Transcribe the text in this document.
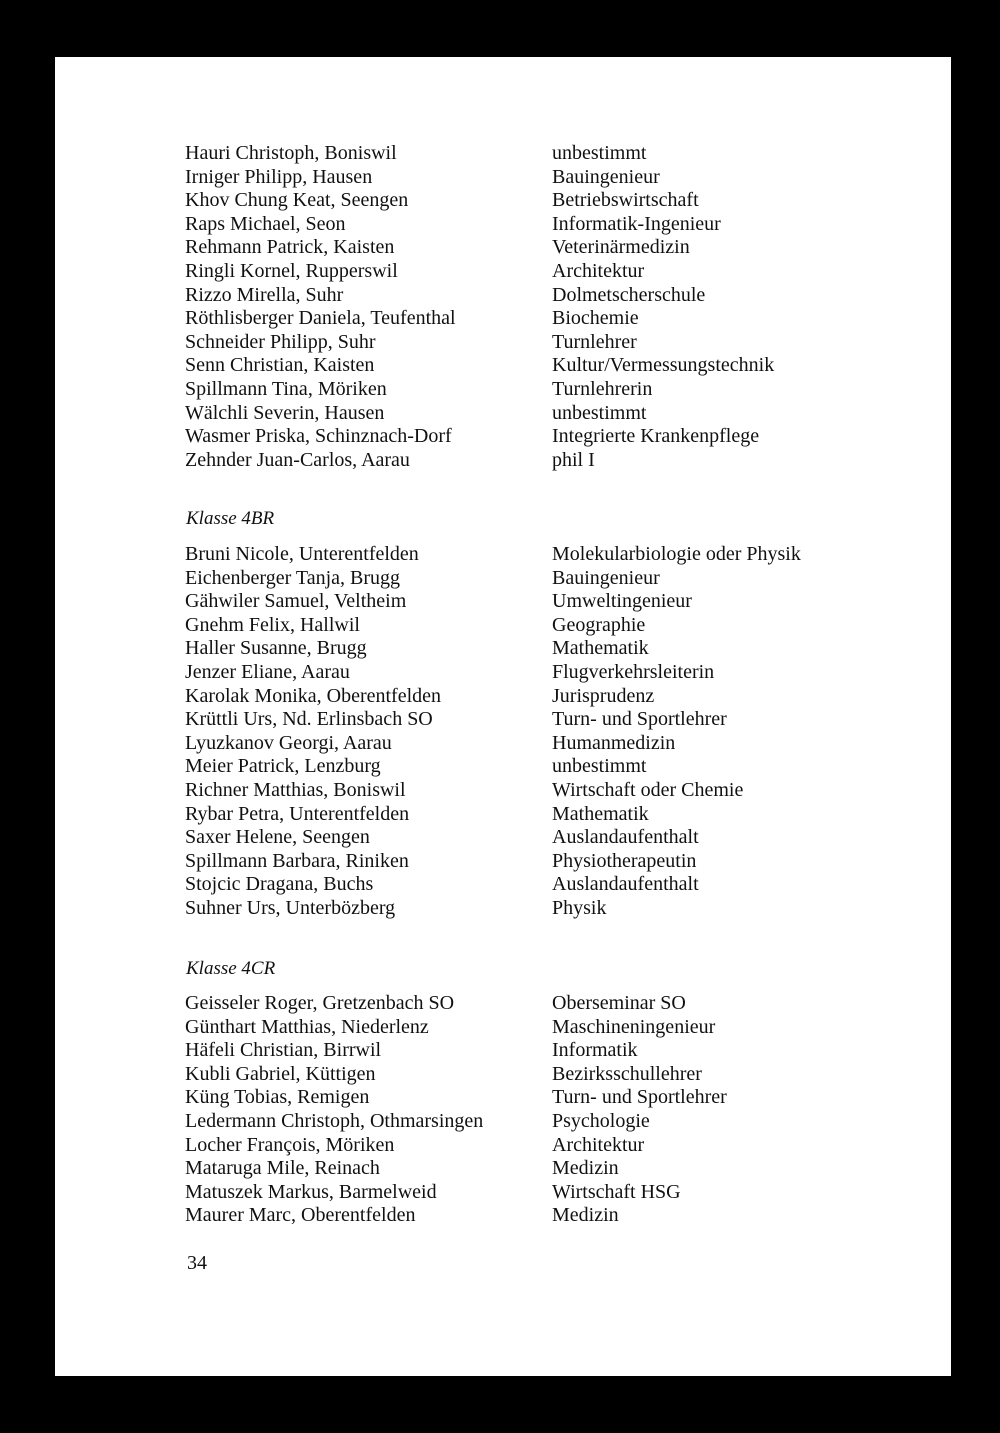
Hauri Christoph, Boniswil	unbestimmt
Irniger Philipp, Hausen	Bauingenieur
Khov Chung Keat, Seengen	Betriebswirtschaft
Raps Michael, Seon	Informatik-Ingenieur
Rehmann Patrick, Kaisten	Veterinärmedizin
Ringli Kornel, Rupperswil	Architektur
Rizzo Mirella, Suhr	Dolmetscherschule
Röthlisberger Daniela, Teufenthal	Biochemie
Schneider Philipp, Suhr	Turnlehrer
Senn Christian, Kaisten	Kultur/Vermessungstechnik
Spillmann Tina, Möriken	Turnlehrerin
Wälchli Severin, Hausen	unbestimmt
Wasmer Priska, Schinznach-Dorf	Integrierte Krankenpflege
Zehnder Juan-Carlos, Aarau	phil I
Klasse 4BR
Bruni Nicole, Unterentfelden	Molekularbiologie oder Physik
Eichenberger Tanja, Brugg	Bauingenieur
Gähwiler Samuel, Veltheim	Umweltingenieur
Gnehm Felix, Hallwil	Geographie
Haller Susanne, Brugg	Mathematik
Jenzer Eliane, Aarau	Flugverkehrsleiterin
Karolak Monika, Oberentfelden	Jurisprudenz
Krüttli Urs, Nd. Erlinsbach SO	Turn- und Sportlehrer
Lyuzkanov Georgi, Aarau	Humanmedizin
Meier Patrick, Lenzburg	unbestimmt
Richner Matthias, Boniswil	Wirtschaft oder Chemie
Rybar Petra, Unterentfelden	Mathematik
Saxer Helene, Seengen	Auslandaufenthalt
Spillmann Barbara, Riniken	Physiotherapeutin
Stojcic Dragana, Buchs	Auslandaufenthalt
Suhner Urs, Unterbözberg	Physik
Klasse 4CR
Geisseler Roger, Gretzenbach SO	Oberseminar SO
Günthart Matthias, Niederlenz	Maschineningenieur
Häfeli Christian, Birrwil	Informatik
Kubli Gabriel, Küttigen	Bezirksschullehrer
Küng Tobias, Remigen	Turn- und Sportlehrer
Ledermann Christoph, Othmarsingen	Psychologie
Locher François, Möriken	Architektur
Mataruga Mile, Reinach	Medizin
Matuszek Markus, Barmelweid	Wirtschaft HSG
Maurer Marc, Oberentfelden	Medizin
34
